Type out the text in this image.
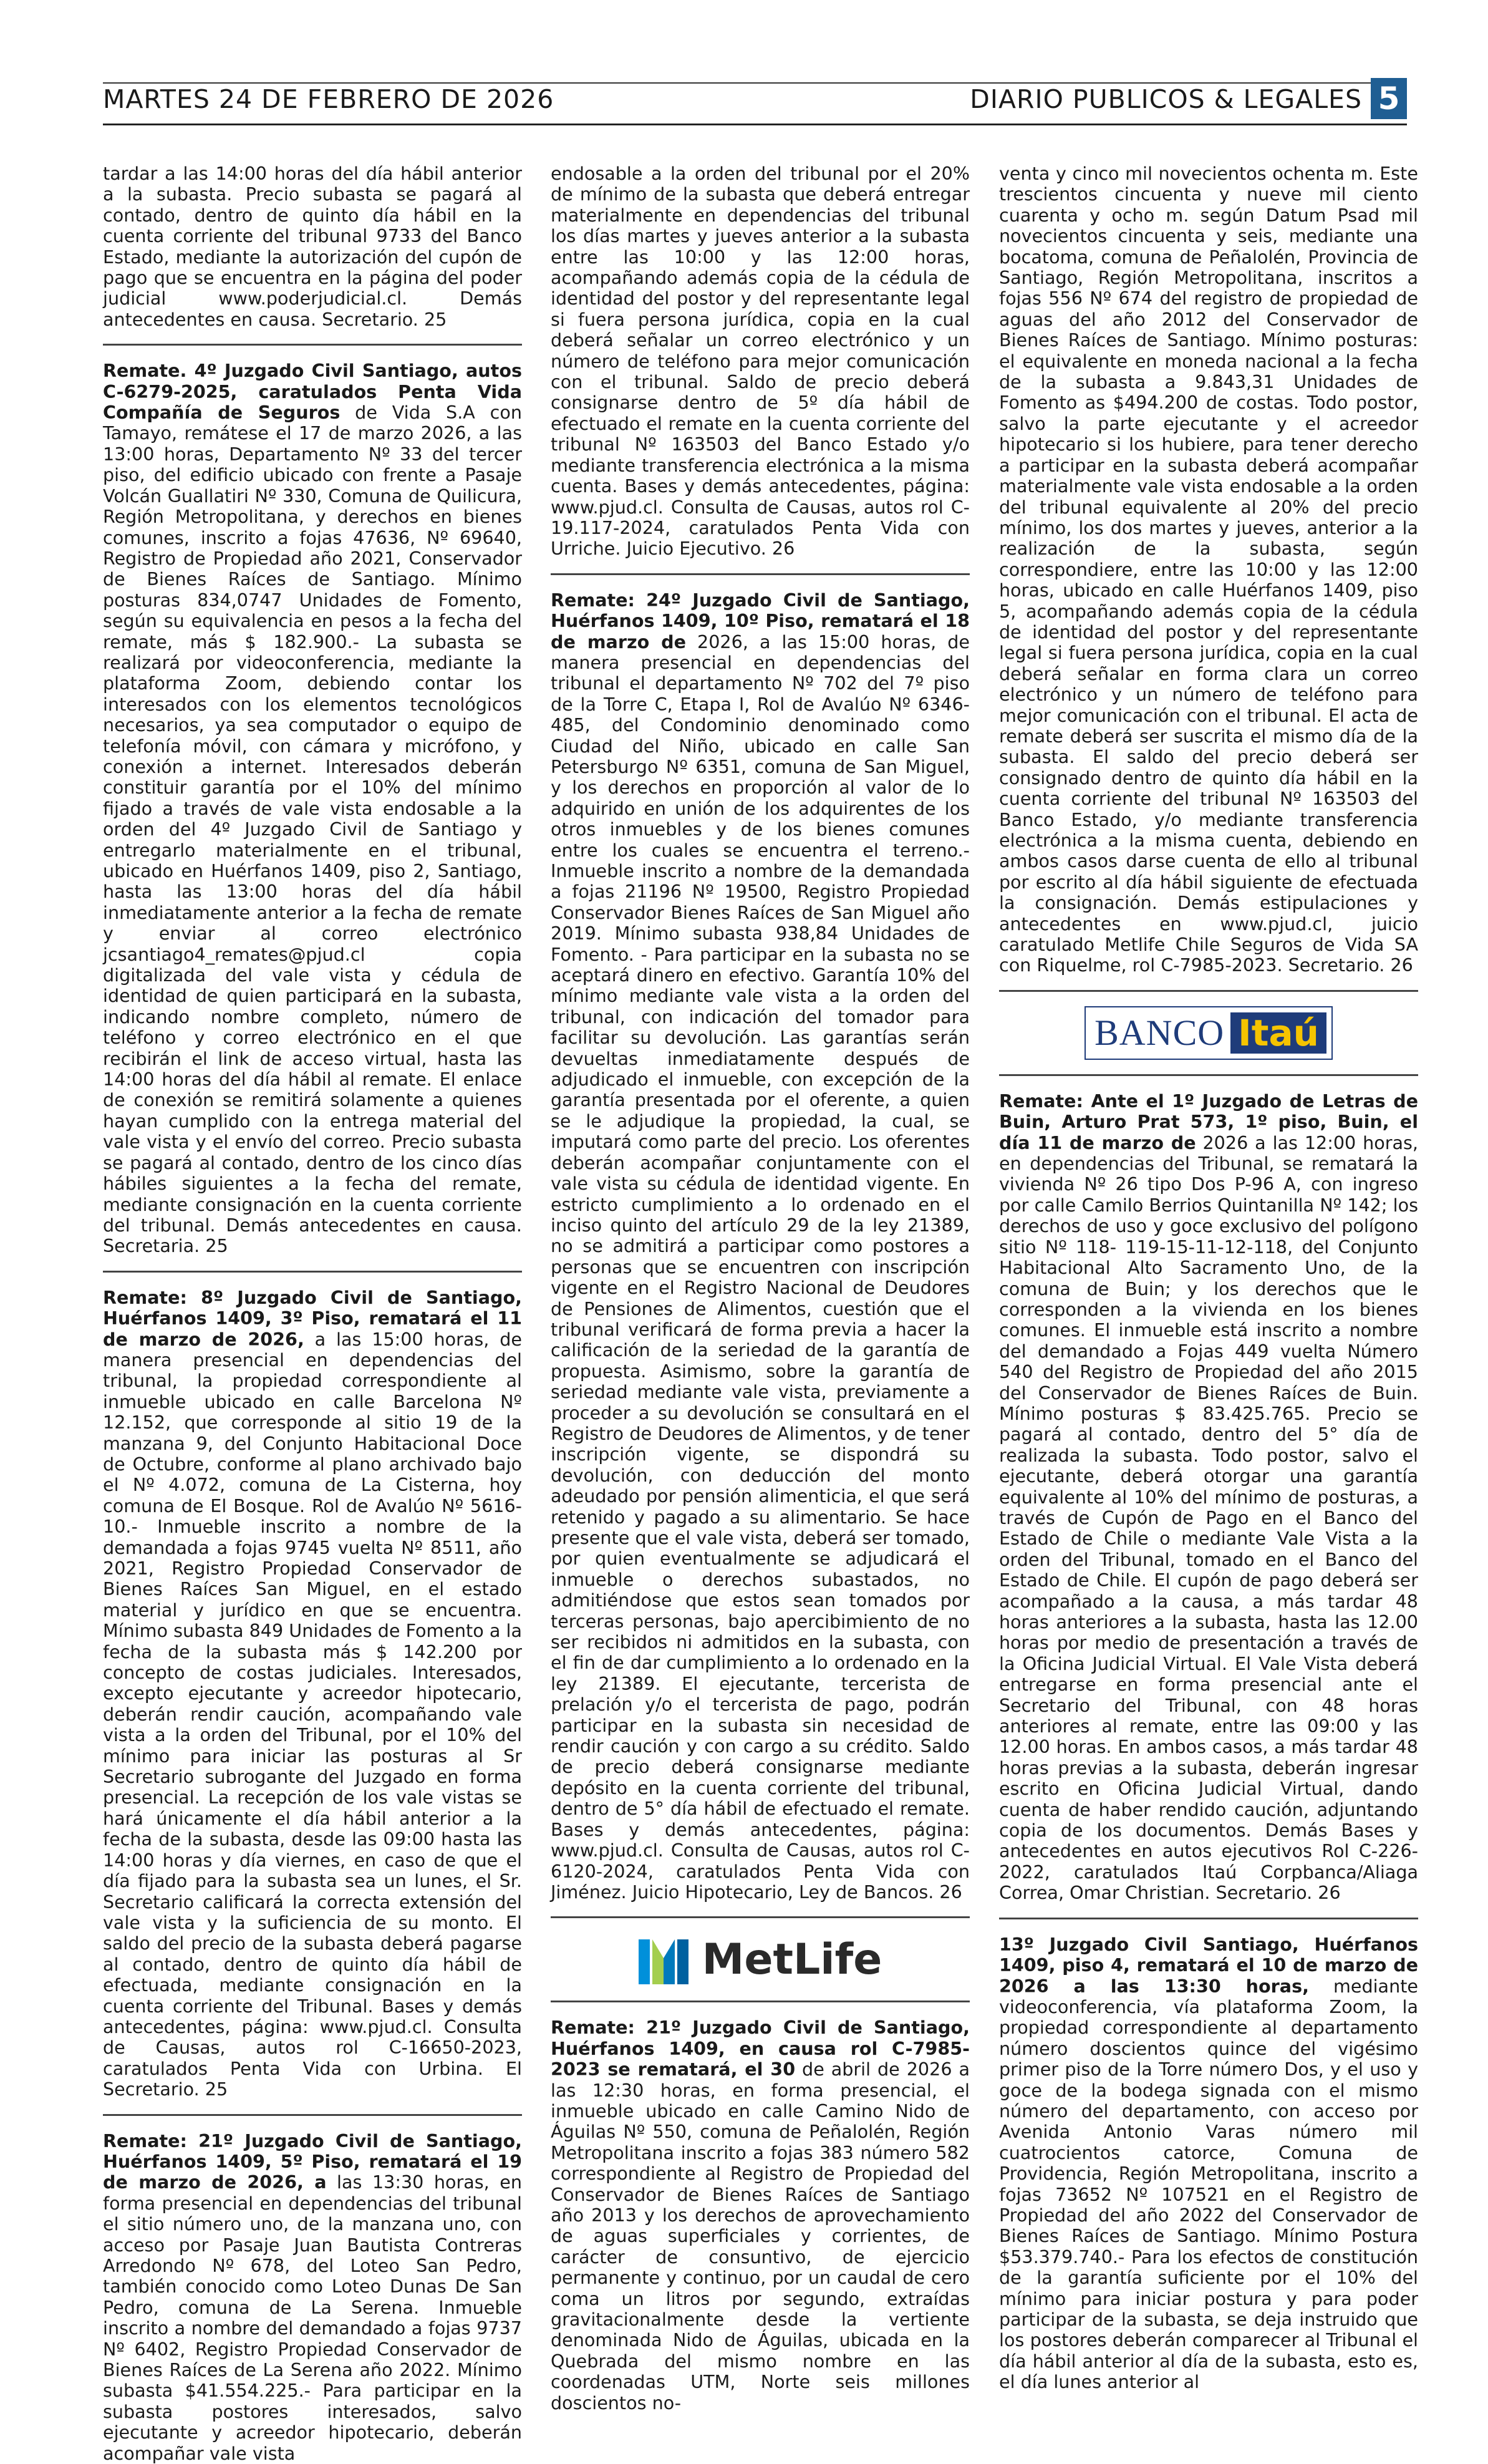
MARTES 24 DE FEBRERO DE 2026	DIARIO PUBLICOS & LEGALES 5

tardar a las 14:00 horas del día hábil anterior a la subasta. Precio subasta se pagará al contado, dentro de quinto día hábil en la cuenta corriente del tribunal 9733 del Banco Estado, mediante la autorización del cupón de pago que se encuentra en la página del poder judicial www.poderjudicial.cl. Demás antecedentes en causa. Secretario. 25

Remate. 4º Juzgado Civil Santiago, autos C-6279-2025, caratulados Penta Vida Compañía de Seguros de Vida S.A con Tamayo, remátese el 17 de marzo 2026, a las 13:00 horas, Departamento Nº 33 del tercer piso, del edificio ubicado con frente a Pasaje Volcán Guallatiri Nº 330, Comuna de Quilicura, Región Metropolitana, y derechos en bienes comunes, inscrito a fojas 47636, Nº 69640, Registro de Propiedad año 2021, Conservador de Bienes Raíces de Santiago. Mínimo posturas 834,0747 Unidades de Fomento, según su equivalencia en pesos a la fecha del remate, más $ 182.900.- La subasta se realizará por videoconferencia, mediante la plataforma Zoom, debiendo contar los interesados con los elementos tecnológicos necesarios, ya sea computador o equipo de telefonía móvil, con cámara y micrófono, y conexión a internet. Interesados deberán constituir garantía por el 10% del mínimo fijado a través de vale vista endosable a la orden del 4º Juzgado Civil de Santiago y entregarlo materialmente en el tribunal, ubicado en Huérfanos 1409, piso 2, Santiago, hasta las 13:00 horas del día hábil inmediatamente anterior a la fecha de remate y enviar al correo electrónico jcsantiago4_remates@pjud.cl copia digitalizada del vale vista y cédula de identidad de quien participará en la subasta, indicando nombre completo, número de teléfono y correo electrónico en el que recibirán el link de acceso virtual, hasta las 14:00 horas del día hábil al remate. El enlace de conexión se remitirá solamente a quienes hayan cumplido con la entrega material del vale vista y el envío del correo. Precio subasta se pagará al contado, dentro de los cinco días hábiles siguientes a la fecha del remate, mediante consignación en la cuenta corriente del tribunal. Demás antecedentes en causa. Secretaria. 25

Remate: 8º Juzgado Civil de Santiago, Huérfanos 1409, 3º Piso, rematará el 11 de marzo de 2026, a las 15:00 horas, de manera presencial en dependencias del tribunal, la propiedad correspondiente al inmueble ubicado en calle Barcelona Nº 12.152, que corresponde al sitio 19 de la manzana 9, del Conjunto Habitacional Doce de Octubre, conforme al plano archivado bajo el Nº 4.072, comuna de La Cisterna, hoy comuna de El Bosque. Rol de Avalúo Nº 5616-10.- Inmueble inscrito a nombre de la demandada a fojas 9745 vuelta Nº 8511, año 2021, Registro Propiedad Conservador de Bienes Raíces San Miguel, en el estado material y jurídico en que se encuentra. Mínimo subasta 849 Unidades de Fomento a la fecha de la subasta más $ 142.200 por concepto de costas judiciales. Interesados, excepto ejecutante y acreedor hipotecario, deberán rendir caución, acompañando vale vista a la orden del Tribunal, por el 10% del mínimo para iniciar las posturas al Sr Secretario subrogante del Juzgado en forma presencial. La recepción de los vale vistas se hará únicamente el día hábil anterior a la fecha de la subasta, desde las 09:00 hasta las 14:00 horas y día viernes, en caso de que el día fijado para la subasta sea un lunes, el Sr. Secretario calificará la correcta extensión del vale vista y la suficiencia de su monto. El saldo del precio de la subasta deberá pagarse al contado, dentro de quinto día hábil de efectuada, mediante consignación en la cuenta corriente del Tribunal. Bases y demás antecedentes, página: www.pjud.cl. Consulta de Causas, autos rol C-16650-2023, caratulados Penta Vida con Urbina. El Secretario. 25

Remate: 21º Juzgado Civil de Santiago, Huérfanos 1409, 5º Piso, rematará el 19 de marzo de 2026, a las 13:30 horas, en forma presencial en dependencias del tribunal el sitio número uno, de la manzana uno, con acceso por Pasaje Juan Bautista Contreras Arredondo Nº 678, del Loteo San Pedro, también conocido como Loteo Dunas De San Pedro, comuna de La Serena. Inmueble inscrito a nombre del demandado a fojas 9737 Nº 6402, Registro Propiedad Conservador de Bienes Raíces de La Serena año 2022. Mínimo subasta $41.554.225.- Para participar en la subasta postores interesados, salvo ejecutante y acreedor hipotecario, deberán acompañar vale vista

endosable a la orden del tribunal por el 20% de mínimo de la subasta que deberá entregar materialmente en dependencias del tribunal los días martes y jueves anterior a la subasta entre las 10:00 y las 12:00 horas, acompañando además copia de la cédula de identidad del postor y del representante legal si fuera persona jurídica, copia en la cual deberá señalar un correo electrónico y un número de teléfono para mejor comunicación con el tribunal. Saldo de precio deberá consignarse dentro de 5º día hábil de efectuado el remate en la cuenta corriente del tribunal Nº 163503 del Banco Estado y/o mediante transferencia electrónica a la misma cuenta. Bases y demás antecedentes, página: www.pjud.cl. Consulta de Causas, autos rol C-19.117-2024, caratulados Penta Vida con Urriche. Juicio Ejecutivo. 26

Remate: 24º Juzgado Civil de Santiago, Huérfanos 1409, 10º Piso, rematará el 18 de marzo de 2026, a las 15:00 horas, de manera presencial en dependencias del tribunal el departamento Nº 702 del 7º piso de la Torre C, Etapa I, Rol de Avalúo Nº 6346-485, del Condominio denominado como Ciudad del Niño, ubicado en calle San Petersburgo Nº 6351, comuna de San Miguel, y los derechos en proporción al valor de lo adquirido en unión de los adquirentes de los otros inmuebles y de los bienes comunes entre los cuales se encuentra el terreno.- Inmueble inscrito a nombre de la demandada a fojas 21196 Nº 19500, Registro Propiedad Conservador Bienes Raíces de San Miguel año 2019. Mínimo subasta 938,84 Unidades de Fomento. - Para participar en la subasta no se aceptará dinero en efectivo. Garantía 10% del mínimo mediante vale vista a la orden del tribunal, con indicación del tomador para facilitar su devolución. Las garantías serán devueltas inmediatamente después de adjudicado el inmueble, con excepción de la garantía presentada por el oferente, a quien se le adjudique la propiedad, la cual, se imputará como parte del precio. Los oferentes deberán acompañar conjuntamente con el vale vista su cédula de identidad vigente. En estricto cumplimiento a lo ordenado en el inciso quinto del artículo 29 de la ley 21389, no se admitirá a participar como postores a personas que se encuentren con inscripción vigente en el Registro Nacional de Deudores de Pensiones de Alimentos, cuestión que el tribunal verificará de forma previa a hacer la calificación de la seriedad de la garantía de propuesta. Asimismo, sobre la garantía de seriedad mediante vale vista, previamente a proceder a su devolución se consultará en el Registro de Deudores de Alimentos, y de tener inscripción vigente, se dispondrá su devolución, con deducción del monto adeudado por pensión alimenticia, el que será retenido y pagado a su alimentario. Se hace presente que el vale vista, deberá ser tomado, por quien eventualmente se adjudicará el inmueble o derechos subastados, no admitiéndose que estos sean tomados por terceras personas, bajo apercibimiento de no ser recibidos ni admitidos en la subasta, con el fin de dar cumplimiento a lo ordenado en la ley 21389. El ejecutante, tercerista de prelación y/o el tercerista de pago, podrán participar en la subasta sin necesidad de rendir caución y con cargo a su crédito. Saldo de precio deberá consignarse mediante depósito en la cuenta corriente del tribunal, dentro de 5° día hábil de efectuado el remate. Bases y demás antecedentes, página: www.pjud.cl. Consulta de Causas, autos rol C-6120-2024, caratulados Penta Vida con Jiménez. Juicio Hipotecario, Ley de Bancos. 26

MetLife

Remate: 21º Juzgado Civil de Santiago, Huérfanos 1409, en causa rol C-7985-2023 se rematará, el 30 de abril de 2026 a las 12:30 horas, en forma presencial, el inmueble ubicado en calle Camino Nido de Águilas Nº 550, comuna de Peñalolén, Región Metropolitana inscrito a fojas 383 número 582 correspondiente al Registro de Propiedad del Conservador de Bienes Raíces de Santiago año 2013 y los derechos de aprovechamiento de aguas superficiales y corrientes, de carácter de consuntivo, de ejercicio permanente y continuo, por un caudal de cero coma un litros por segundo, extraídas gravitacionalmente desde la vertiente denominada Nido de Águilas, ubicada en la Quebrada del mismo nombre en las coordenadas UTM, Norte seis millones doscientos no-

venta y cinco mil novecientos ochenta m. Este trescientos cincuenta y nueve mil ciento cuarenta y ocho m. según Datum Psad mil novecientos cincuenta y seis, mediante una bocatoma, comuna de Peñalolén, Provincia de Santiago, Región Metropolitana, inscritos a fojas 556 Nº 674 del registro de propiedad de aguas del año 2012 del Conservador de Bienes Raíces de Santiago. Mínimo posturas: el equivalente en moneda nacional a la fecha de la subasta a 9.843,31 Unidades de Fomento as $494.200 de costas. Todo postor, salvo la parte ejecutante y el acreedor hipotecario si los hubiere, para tener derecho a participar en la subasta deberá acompañar materialmente vale vista endosable a la orden del tribunal equivalente al 20% del precio mínimo, los dos martes y jueves, anterior a la realización de la subasta, según correspondiere, entre las 10:00 y las 12:00 horas, ubicado en calle Huérfanos 1409, piso 5, acompañando además copia de la cédula de identidad del postor y del representante legal si fuera persona jurídica, copia en la cual deberá señalar en forma clara un correo electrónico y un número de teléfono para mejor comunicación con el tribunal. El acta de remate deberá ser suscrita el mismo día de la subasta. El saldo del precio deberá ser consignado dentro de quinto día hábil en la cuenta corriente del tribunal Nº 163503 del Banco Estado, y/o mediante transferencia electrónica a la misma cuenta, debiendo en ambos casos darse cuenta de ello al tribunal por escrito al día hábil siguiente de efectuada la consignación. Demás estipulaciones y antecedentes en www.pjud.cl, juicio caratulado Metlife Chile Seguros de Vida SA con Riquelme, rol C-7985-2023. Secretario. 26

BANCO Itaú

Remate: Ante el 1º Juzgado de Letras de Buin, Arturo Prat 573, 1º piso, Buin, el día 11 de marzo de 2026 a las 12:00 horas, en dependencias del Tribunal, se rematará la vivienda Nº 26 tipo Dos P-96 A, con ingreso por calle Camilo Berrios Quintanilla Nº 142; los derechos de uso y goce exclusivo del polígono sitio Nº 118- 119-15-11-12-118, del Conjunto Habitacional Alto Sacramento Uno, de la comuna de Buin; y los derechos que le corresponden a la vivienda en los bienes comunes. El inmueble está inscrito a nombre del demandado a Fojas 449 vuelta Número 540 del Registro de Propiedad del año 2015 del Conservador de Bienes Raíces de Buin. Mínimo posturas $ 83.425.765. Precio se pagará al contado, dentro del 5° día de realizada la subasta. Todo postor, salvo el ejecutante, deberá otorgar una garantía equivalente al 10% del mínimo de posturas, a través de Cupón de Pago en el Banco del Estado de Chile o mediante Vale Vista a la orden del Tribunal, tomado en el Banco del Estado de Chile. El cupón de pago deberá ser acompañado a la causa, a más tardar 48 horas anteriores a la subasta, hasta las 12.00 horas por medio de presentación a través de la Oficina Judicial Virtual. El Vale Vista deberá entregarse en forma presencial ante el Secretario del Tribunal, con 48 horas anteriores al remate, entre las 09:00 y las 12.00 horas. En ambos casos, a más tardar 48 horas previas a la subasta, deberán ingresar escrito en Oficina Judicial Virtual, dando cuenta de haber rendido caución, adjuntando copia de los documentos. Demás Bases y antecedentes en autos ejecutivos Rol C-226-2022, caratulados Itaú Corpbanca/Aliaga Correa, Omar Christian. Secretario. 26

13º Juzgado Civil Santiago, Huérfanos 1409, piso 4, rematará el 10 de marzo de 2026 a las 13:30 horas, mediante videoconferencia, vía plataforma Zoom, la propiedad correspondiente al departamento número doscientos quince del vigésimo primer piso de la Torre número Dos, y el uso y goce de la bodega signada con el mismo número del departamento, con acceso por Avenida Antonio Varas número mil cuatrocientos catorce, Comuna de Providencia, Región Metropolitana, inscrito a fojas 73652 Nº 107521 en el Registro de Propiedad del año 2022 del Conservador de Bienes Raíces de Santiago. Mínimo Postura $53.379.740.- Para los efectos de constitución de la garantía suficiente por el 10% del mínimo para iniciar postura y para poder participar de la subasta, se deja instruido que los postores deberán comparecer al Tribunal el día hábil anterior al día de la subasta, esto es, el día lunes anterior al
